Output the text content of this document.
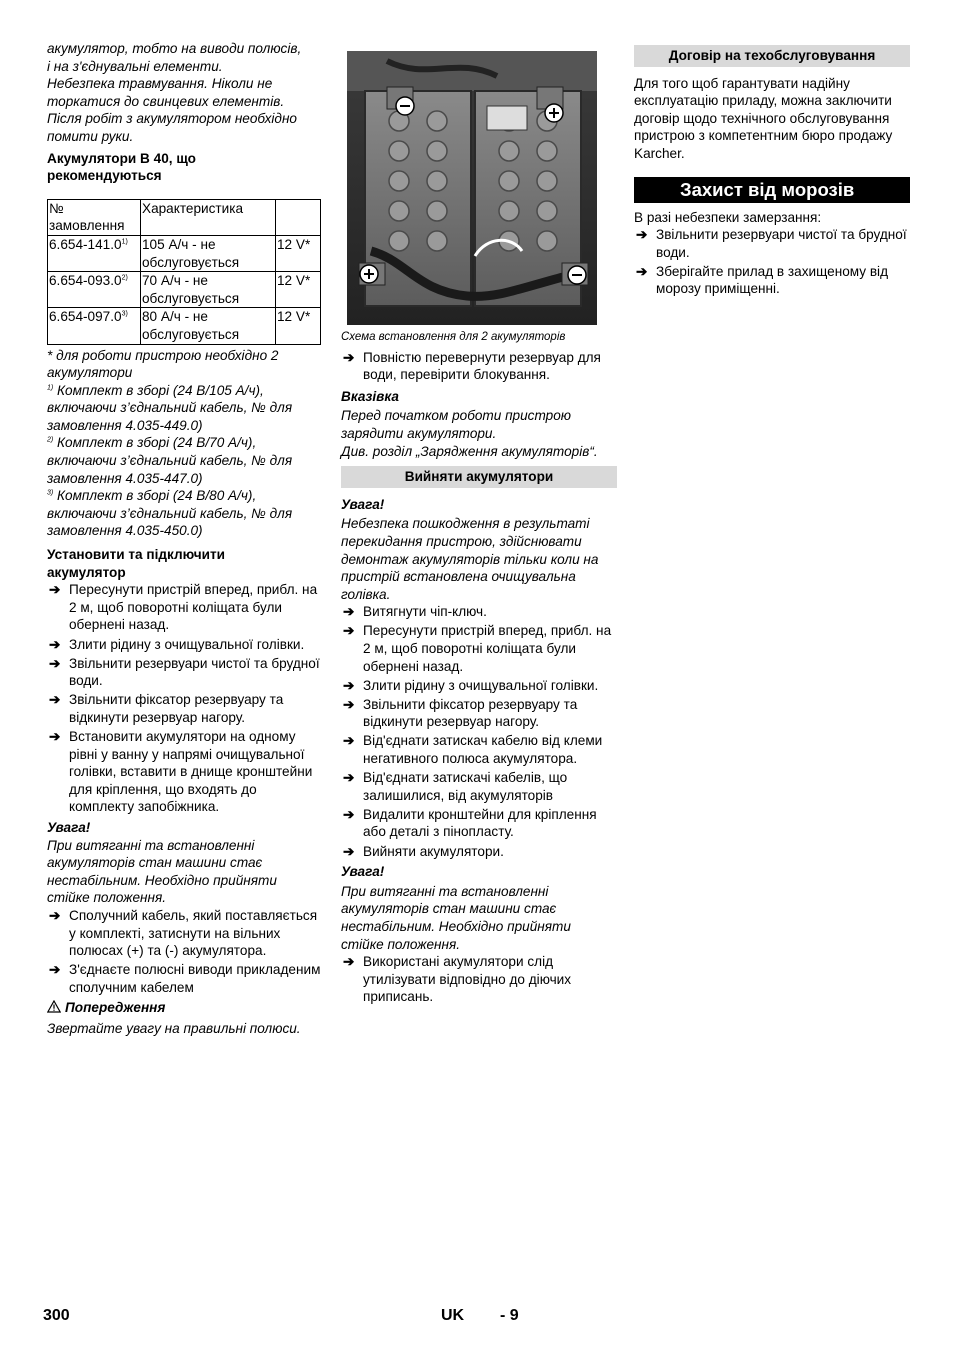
акумулятор, тобто на виводи полюсів,

і на з'єднувальні елементи.

Небезпека травмування. Ніколи не

торкатися до свинцевих елементів.

Після робіт з акумулятором необхідно

помити руки.

Акумулятори B 40, що рекомендуються

№ замовлення	Характеристика	
6.654-141.0$^{1)}$	105 А/ч - не обслуговується	12 V*
6.654-093.0$^{2)}$	70 А/ч - не обслуговується	12 V*
6.654-097.0$^{3)}$	80 А/ч - не обслуговується	12 V*

* для роботи пристрою необхідно 2 акумулятори

$^{1)}$ Комплект в зборі (24 В/105 А/ч), включаючи з’єднальний кабель, № для замовлення 4.035-449.0)

$^{2)}$ Комплект в зборі (24 В/70 А/ч), включаючи з’єднальний кабель, № для замовлення 4.035-447.0)

$^{3)}$ Комплект в зборі (24 В/80 А/ч), включаючи з’єднальний кабель, № для замовлення 4.035-450.0)

Установити та підключити акумулятор

➔ Пересунути пристрій вперед, прибл. на 2 м, щоб поворотні коліщата були обернені назад.
➔ Злити рідину з очищувальної голівки.
➔ Звільнити резервуари чистої та брудної води.
➔ Звільнити фіксатор резервуару та відкинути резервуар нагору.
➔ Встановити акумулятори на одному рівні у ванну у напрямі очищувальної голівки, вставити в днище кронштейни для кріплення, що входять до комплекту запобіжника.

Увага!

При витяганні та встановленні акумуляторів стан машини стає нестабільним. Необхідно прийняти стійке положення.

➔ Сполучний кабель, який поставляється у комплекті, затиснути на вільних полюсах (+) та (-) акумулятора.
➔ З'єднаєте полюсні виводи прикладеним сполучним кабелем

Попередження

Звертайте увагу на правильні полюси.

Схема встановлення для 2 акумуляторів

➔ Повністю перевернути резервуар для води, перевірити блокування.

Вказівка

Перед початком роботи пристрою зарядити акумулятори.

Див. розділ „Зарядження акумуляторів“.

Вийняти акумулятори

Увага!

Небезпека пошкодження в результаті перекидання пристрою, здійснювати демонтаж акумуляторів тільки коли на пристрій встановлена очищувальна голівка.

➔ Витягнути чіп-ключ.
➔ Пересунути пристрій вперед, прибл. на 2 м, щоб поворотні коліщата були обернені назад.
➔ Злити рідину з очищувальної голівки.
➔ Звільнити фіксатор резервуару та відкинути резервуар нагору.
➔ Від'єднати затискач кабелю від клеми негативного полюса акумулятора.
➔ Від'єднати затискачі кабелів, що залишилися, від акумуляторів
➔ Видалити кронштейни для кріплення або деталі з пінопласту.
➔ Вийняти акумулятори.

Увага!

При витяганні та встановленні акумуляторів стан машини стає нестабільним. Необхідно прийняти стійке положення.

➔ Використані акумулятори слід утилізувати відповідно до діючих приписань.

Договір на техобслуговування

Для того щоб гарантувати надійну експлуатацію приладу, можна заключити договір щодо технічного обслуговування пристрою з компетентним бюро продажу Karcher.

Захист від морозів

В разі небезпеки замерзання:

➔ Звільнити резервуари чистої та брудної води.
➔ Зберігайте прилад в захищеному від морозу приміщенні.
300	UK - 9
